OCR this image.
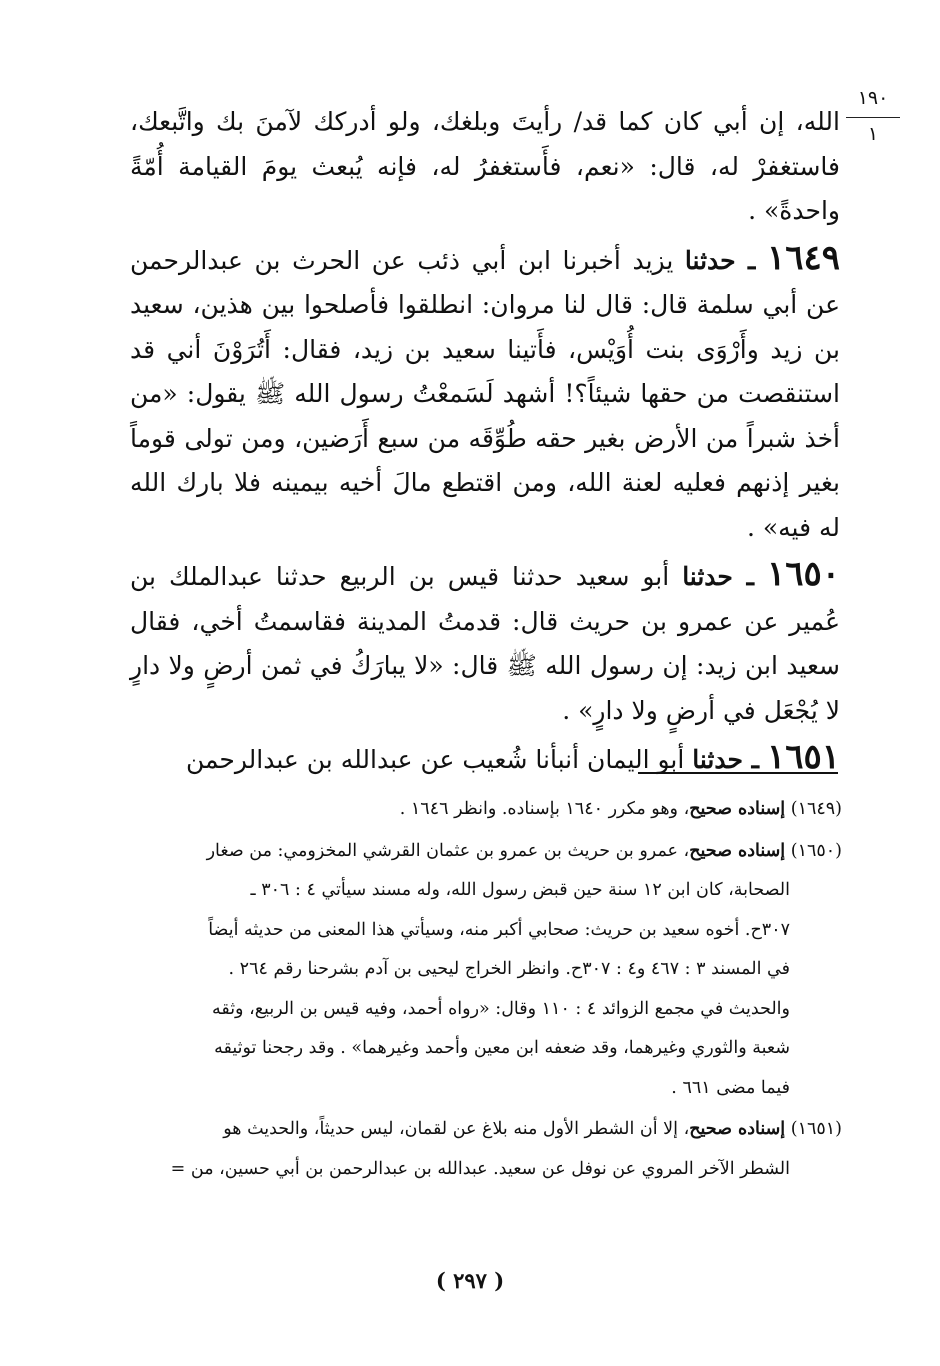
١٩٠
١

الله، إن أبي كان كما قد/ رأيتَ وبلغك، ولو أدركك لآمنَ بك واتَّبعك، فاستغفرْ له، قال: «نعم، فأَستغفرُ له، فإنه يُبعث يومَ القيامة أُمّةً واحدةً» .

١٦٤٩ ـ حدثنا يزيد أخبرنا ابن أبي ذئب عن الحرث بن عبدالرحمن عن أبي سلمة قال: قال لنا مروان: انطلقوا فأصلحوا بين هذين، سعيد بن زيد وأَرْوَى بنت أُوَيْس، فأَتينا سعيد بن زيد، فقال: أَتُرَوْنَ أني قد استنقصت من حقها شيئاً؟! أشهد لَسَمعْتُ رسول الله ﷺ يقول: «من أخذ شبراً من الأرض بغير حقه طُوِّقَه من سبع أَرَضين، ومن تولى قوماً بغير إذنهم فعليه لعنة الله، ومن اقتطع مالَ أخيه بيمينه فلا بارك الله له فيه» .

١٦٥٠ ـ حدثنا أبو سعيد حدثنا قيس بن الربيع حدثنا عبدالملك بن عُمير عن عمرو بن حريث قال: قدمتُ المدينة فقاسمتُ أخي، فقال سعيد ابن زيد: إن رسول الله ﷺ قال: «لا يبارَكُ في ثمن أرضٍ ولا دارٍ لا يُجْعَل في أرضٍ ولا دارٍ» .

١٦٥١ ـ حدثنا أبو اليمان أنبأنا شُعيب عن عبدالله بن عبدالرحمن

(١٦٤٩) إسناده صحيح، وهو مكرر ١٦٤٠ بإسناده. وانظر ١٦٤٦ .

(١٦٥٠) إسناده صحيح، عمرو بن حريث بن عمرو بن عثمان القرشي المخزومي: من صغار
الصحابة، كان ابن ١٢ سنة حين قبض رسول الله، وله مسند سيأتي ٤ : ٣٠٦ ـ
٣٠٧ح. أخوه سعيد بن حريث: صحابي أكبر منه، وسيأتي هذا المعنى من حديثه أيضاً
في المسند ٣ : ٤٦٧ و٤ : ٣٠٧ح. وانظر الخراج ليحيى بن آدم بشرحنا رقم ٢٦٤ .
والحديث في مجمع الزوائد ٤ : ١١٠ وقال: «رواه أحمد، وفيه قيس بن الربيع، وثقه
شعبة والثوري وغيرهما، وقد ضعفه ابن معين وأحمد وغيرهما» . وقد رجحنا توثيقه
فيما مضى ٦٦١ .

(١٦٥١) إسناده صحيح، إلا أن الشطر الأول منه بلاغ عن لقمان، ليس حديثاً، والحديث هو
الشطر الآخر المروي عن نوفل عن سعيد. عبدالله بن عبدالرحمن بن أبي حسين، من =

( ٢٩٧ )
